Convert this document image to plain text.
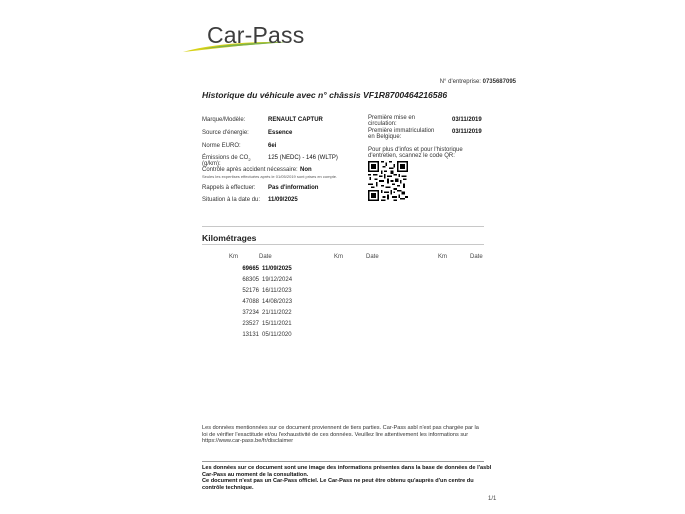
Car-Pass
N° d'entreprise: 0735687095
Historique du véhicule avec n° châssis VF1R8700464216586
Marque/Modèle:	RENAULT CAPTUR
Source d'énergie:	Essence
Norme EURO:	6ei
Émissions de $CO_2$
(g/km):
125 (NEDC) - 146 (WLTP)
Contrôle après accident nécessaire: Non
Seules les expertises effectuées après le 01/05/2019 sont prises en compte.
Rappels à effectuer: Pas d'information
Situation à la date du: 11/09/2025
Première mise en
circulation:
03/11/2019
Première immatriculation
en Belgique:
03/11/2019
Pour plus d'infos et pour l'historique
d'entretien, scannez le code QR:
Kilométrages
Km	Date	Km	Date	Km	Date
69665 11/09/2025
68305 19/12/2024
52176 16/11/2023
47088 14/08/2023
37234 21/11/2022
23527 15/11/2021
13131 05/11/2020
Les données mentionnées sur ce document proviennent de tiers parties. Car-Pass asbl n'est pas chargée par la
loi de vérifier l'exactitude et/ou l'exhaustivité de ces données. Veuillez lire attentivement les informations sur
https://www.car-pass.be/fr/disclaimer
Les données sur ce document sont une image des informations présentes dans la base de données de l'asbl
Car-Pass au moment de la consultation.
Ce document n'est pas un Car-Pass officiel. Le Car-Pass ne peut être obtenu qu'auprès d'un centre du
contrôle technique.
1/1
